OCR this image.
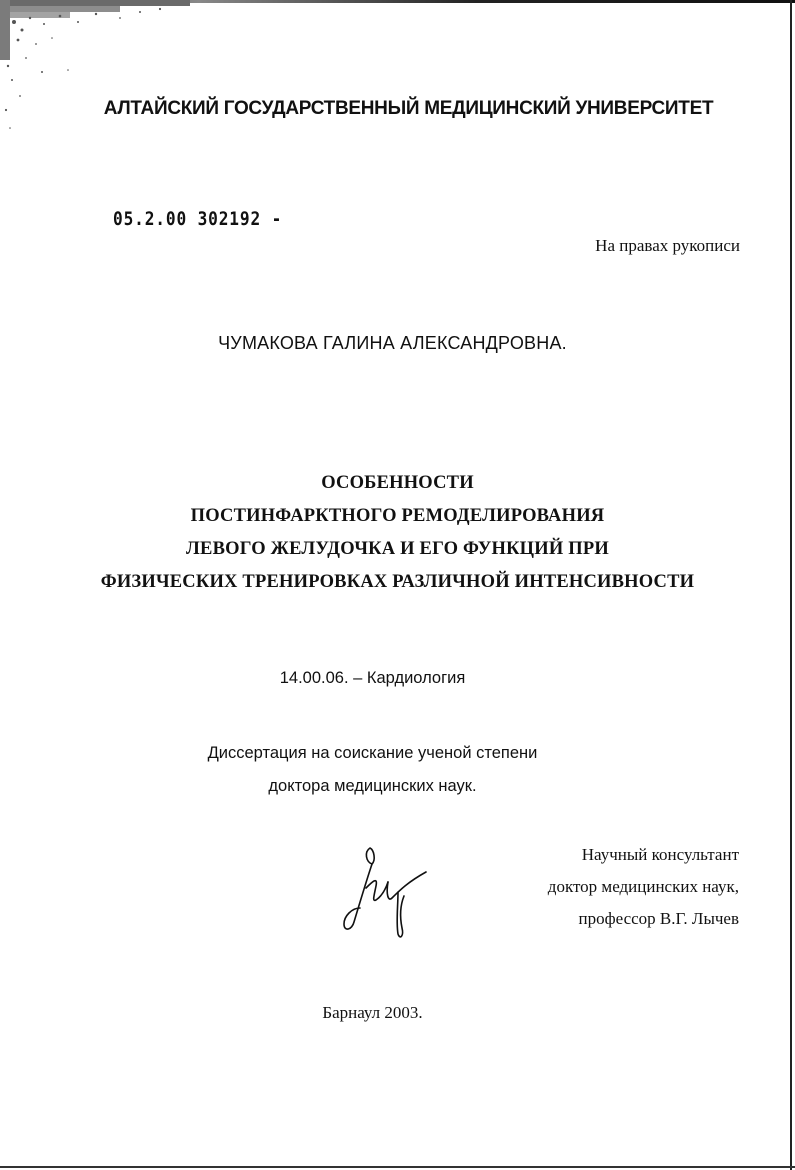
АЛТАЙСКИЙ ГОСУДАРСТВЕННЫЙ МЕДИЦИНСКИЙ УНИВЕРСИТЕТ
05.2.00 302192 -
На правах рукописи
ЧУМАКОВА ГАЛИНА АЛЕКСАНДРОВНА.
ОСОБЕННОСТИ
ПОСТИНФАРКТНОГО РЕМОДЕЛИРОВАНИЯ
ЛЕВОГО ЖЕЛУДОЧКА И ЕГО ФУНКЦИЙ ПРИ
ФИЗИЧЕСКИХ ТРЕНИРОВКАХ РАЗЛИЧНОЙ ИНТЕНСИВНОСТИ
14.00.06. – Кардиология
Диссертация на соискание ученой степени
доктора медицинских наук.
Научный консультант
доктор медицинских наук,
профессор В.Г. Лычев
Барнаул 2003.
